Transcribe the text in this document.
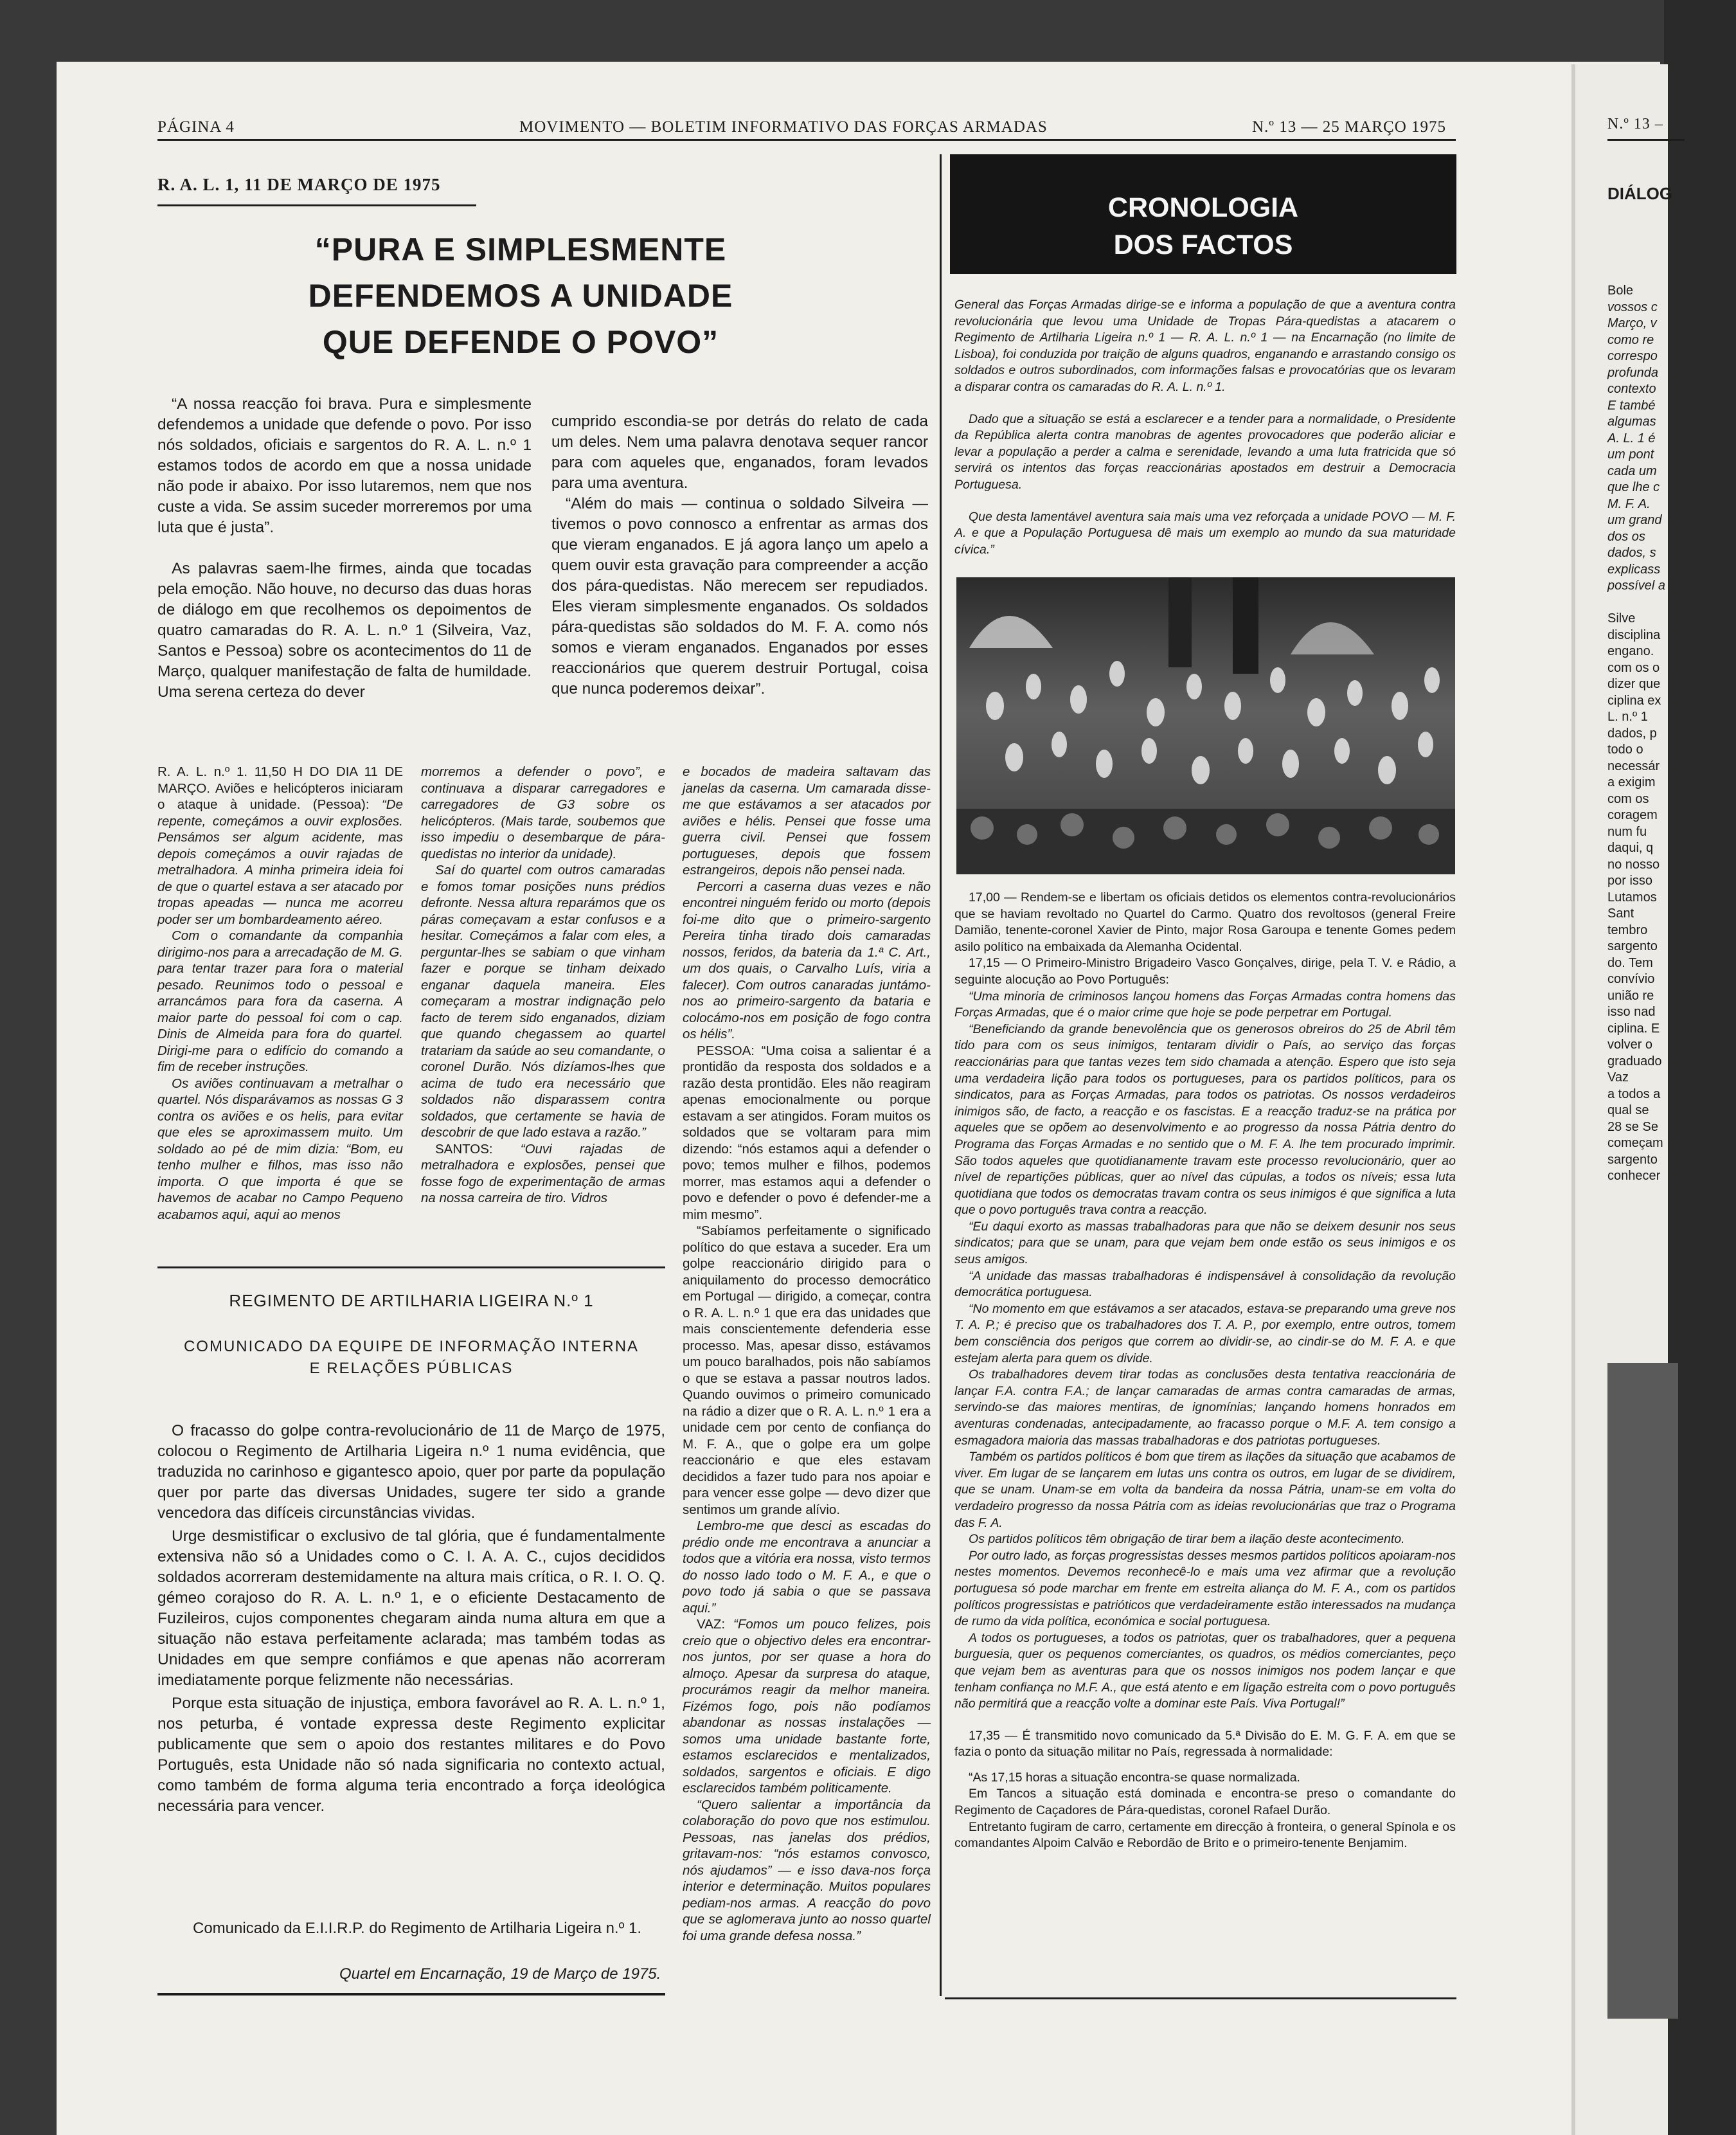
N.º 13 –
DIÁLOG
Bole
vossos c
Março, v
como re
correspo
profunda
contexto
E també
algumas
A. L. 1 é
um pont
cada um
que lhe c
M. F. A.
um grand
dos os
dados, s
explicass
possível a
Silve
disciplina
engano.
com os o
dizer que
ciplina ex
L. n.º 1
dados, p
todo o
necessár
a exigim
com os
coragem
num fu
daqui, q
no nosso
por isso
Lutamos
Sant
tembro
sargento
do. Tem
convívio
união re
isso nad
ciplina. E
volver o
graduado
Vaz
a todos a
qual se
28 se Se
começam
sargento
conhecer
PÁGINA 4	MOVIMENTO — BOLETIM INFORMATIVO DAS FORÇAS ARMADAS	N.º 13 — 25 MARÇO 1975
R. A. L. 1, 11 DE MARÇO DE 1975
“PURA E SIMPLESMENTE
DEFENDEMOS A UNIDADE
QUE DEFENDE O POVO”

“A nossa reacção foi brava. Pura e simplesmente defendemos a unidade que defende o povo. Por isso nós soldados, oficiais e sargentos do R. A. L. n.º 1 estamos todos de acordo em que a nossa unidade não pode ir abaixo. Por isso lutaremos, nem que nos custe a vida. Se assim suceder morreremos por uma luta que é justa”.

As palavras saem-lhe firmes, ainda que tocadas pela emoção. Não houve, no decurso das duas horas de diálogo em que recolhemos os depoimentos de quatro camaradas do R. A. L. n.º 1 (Silveira, Vaz, Santos e Pessoa) sobre os acontecimentos do 11 de Março, qualquer manifestação de falta de humildade. Uma serena certeza do dever

cumprido escondia-se por detrás do relato de cada um deles. Nem uma palavra denotava sequer rancor para com aqueles que, enganados, foram levados para uma aventura.

“Além do mais — continua o soldado Silveira — tivemos o povo connosco a enfrentar as armas dos que vieram enganados. E já agora lanço um apelo a quem ouvir esta gravação para compreender a acção dos pára-quedistas. Não merecem ser repudiados. Eles vieram simplesmente enganados. Os soldados pára-quedistas são soldados do M. F. A. como nós somos e vieram enganados. Enganados por esses reaccionários que querem destruir Portugal, coisa que nunca poderemos deixar”.

R. A. L. n.º 1. 11,50 H DO DIA 11 DE MARÇO. Aviões e helicópteros iniciaram o ataque à unidade. (Pessoa): “De repente, começámos a ouvir explosões. Pensámos ser algum acidente, mas depois começámos a ouvir rajadas de metralhadora. A minha primeira ideia foi de que o quartel estava a ser atacado por tropas apeadas — nunca me acorreu poder ser um bombardeamento aéreo.

Com o comandante da companhia dirigimo-nos para a arrecadação de M. G. para tentar trazer para fora o material pesado. Reunimos todo o pessoal e arrancámos para fora da caserna. A maior parte do pessoal foi com o cap. Dinis de Almeida para fora do quartel. Dirigi-me para o edifício do comando a fim de receber instruções.

Os aviões continuavam a metralhar o quartel. Nós disparávamos as nossas G 3 contra os aviões e os helis, para evitar que eles se aproximassem muito. Um soldado ao pé de mim dizia: “Bom, eu tenho mulher e filhos, mas isso não importa. O que importa é que se havemos de acabar no Campo Pequeno acabamos aqui, aqui ao menos

morremos a defender o povo”, e continuava a disparar carregadores e carregadores de G3 sobre os helicópteros. (Mais tarde, soubemos que isso impediu o desembarque de pára-quedistas no interior da unidade).

Saí do quartel com outros camaradas e fomos tomar posições nuns prédios defronte. Nessa altura reparámos que os páras começavam a estar confusos e a hesitar. Começámos a falar com eles, a perguntar-lhes se sabiam o que vinham fazer e porque se tinham deixado enganar daquela maneira. Eles começaram a mostrar indignação pelo facto de terem sido enganados, diziam que quando chegassem ao quartel tratariam da saúde ao seu comandante, o coronel Durão. Nós dizíamos-lhes que acima de tudo era necessário que soldados não disparassem contra soldados, que certamente se havia de descobrir de que lado estava a razão.”

SANTOS: “Ouvi rajadas de metralhadora e explosões, pensei que fosse fogo de experimentação de armas na nossa carreira de tiro. Vidros

e bocados de madeira saltavam das janelas da caserna. Um camarada disse-me que estávamos a ser atacados por aviões e hélis. Pensei que fosse uma guerra civil. Pensei que fossem portugueses, depois que fossem estrangeiros, depois não pensei nada.

Percorri a caserna duas vezes e não encontrei ninguém ferido ou morto (depois foi-me dito que o primeiro-sargento Pereira tinha tirado dois camaradas nossos, feridos, da bateria da 1.ª C. Art., um dos quais, o Carvalho Luís, viria a falecer). Com outros canaradas juntámo-nos ao primeiro-sargento da bataria e colocámo-nos em posição de fogo contra os hélis”.

PESSOA: “Uma coisa a salientar é a prontidão da resposta dos soldados e a razão desta prontidão. Eles não reagiram apenas emocionalmente ou porque estavam a ser atingidos. Foram muitos os soldados que se voltaram para mim dizendo: “nós estamos aqui a defender o povo; temos mulher e filhos, podemos morrer, mas estamos aqui a defender o povo e defender o povo é defender-me a mim mesmo”.

“Sabíamos perfeitamente o significado político do que estava a suceder. Era um golpe reaccionário dirigido para o aniquilamento do processo democrático em Portugal — dirigido, a começar, contra o R. A. L. n.º 1 que era das unidades que mais conscientemente defenderia esse processo. Mas, apesar disso, estávamos um pouco baralhados, pois não sabíamos o que se estava a passar noutros lados. Quando ouvimos o primeiro comunicado na rádio a dizer que o R. A. L. n.º 1 era a unidade cem por cento de confiança do M. F. A., que o golpe era um golpe reaccionário e que eles estavam decididos a fazer tudo para nos apoiar e para vencer esse golpe — devo dizer que sentimos um grande alívio.

Lembro-me que desci as escadas do prédio onde me encontrava a anunciar a todos que a vitória era nossa, visto termos do nosso lado todo o M. F. A., e que o povo todo já sabia o que se passava aqui.”

VAZ: “Fomos um pouco felizes, pois creio que o objectivo deles era encontrar-nos juntos, por ser quase a hora do almoço. Apesar da surpresa do ataque, procurámos reagir da melhor maneira. Fizémos fogo, pois não podíamos abandonar as nossas instalações — somos uma unidade bastante forte, estamos esclarecidos e mentalizados, soldados, sargentos e oficiais. E digo esclarecidos também politicamente.

“Quero salientar a importância da colaboração do povo que nos estimulou. Pessoas, nas janelas dos prédios, gritavam-nos: “nós estamos convosco, nós ajudamos” — e isso dava-nos força interior e determinação. Muitos populares pediam-nos armas. A reacção do povo que se aglomerava junto ao nosso quartel foi uma grande defesa nossa.”

REGIMENTO DE ARTILHARIA LIGEIRA N.º 1
COMUNICADO DA EQUIPE DE INFORMAÇÃO INTERNA
E RELAÇÕES PÚBLICAS

O fracasso do golpe contra-revolucionário de 11 de Março de 1975, colocou o Regimento de Artilharia Ligeira n.º 1 numa evidência, que traduzida no carinhoso e gigantesco apoio, quer por parte da população quer por parte das diversas Unidades, sugere ter sido a grande vencedora das difíceis circunstâncias vividas.

Urge desmistificar o exclusivo de tal glória, que é fundamentalmente extensiva não só a Unidades como o C. I. A. A. C., cujos decididos soldados acorreram destemidamente na altura mais crítica, o R. I. O. Q. gémeo corajoso do R. A. L. n.º 1, e o eficiente Destacamento de Fuzileiros, cujos componentes chegaram ainda numa altura em que a situação não estava perfeitamente aclarada; mas também todas as Unidades em que sempre confiámos e que apenas não acorreram imediatamente porque felizmente não necessárias.

Porque esta situação de injustiça, embora favorável ao R. A. L. n.º 1, nos peturba, é vontade expressa deste Regimento explicitar publicamente que sem o apoio dos restantes militares e do Povo Português, esta Unidade não só nada significaria no contexto actual, como também de forma alguma teria encontrado a força ideológica necessária para vencer.

Comunicado da E.I.I.R.P. do Regimento de Artilharia Ligeira n.º 1.
Quartel em Encarnação, 19 de Março de 1975.
CRONOLOGIA
DOS FACTOS

General das Forças Armadas dirige-se e informa a população de que a aventura contra revolucionária que levou uma Unidade de Tropas Pára-quedistas a atacarem o Regimento de Artilharia Ligeira n.º 1 — R. A. L. n.º 1 — na Encarnação (no limite de Lisboa), foi conduzida por traição de alguns quadros, enganando e arrastando consigo os soldados e outros subordinados, com informações falsas e provocatórias que os levaram a disparar contra os camaradas do R. A. L. n.º 1.

Dado que a situação se está a esclarecer e a tender para a normalidade, o Presidente da República alerta contra manobras de agentes provocadores que poderão aliciar e levar a população a perder a calma e serenidade, levando a uma luta fratricida que só servirá os intentos das forças reaccionárias apostados em destruir a Democracia Portuguesa.

Que desta lamentável aventura saia mais uma vez reforçada a unidade POVO — M. F. A. e que a População Portuguesa dê mais um exemplo ao mundo da sua maturidade cívica.”

17,00 — Rendem-se e libertam os oficiais detidos os elementos contra-revolucionários que se haviam revoltado no Quartel do Carmo. Quatro dos revoltosos (general Freire Damião, tenente-coronel Xavier de Pinto, major Rosa Garoupa e tenente Gomes pedem asilo político na embaixada da Alemanha Ocidental.

17,15 — O Primeiro-Ministro Brigadeiro Vasco Gonçalves, dirige, pela T. V. e Rádio, a seguinte alocução ao Povo Português:

“Uma minoria de criminosos lançou homens das Forças Armadas contra homens das Forças Armadas, que é o maior crime que hoje se pode perpetrar em Portugal.

“Beneficiando da grande benevolência que os generosos obreiros do 25 de Abril têm tido para com os seus inimigos, tentaram dividir o País, ao serviço das forças reaccionárias para que tantas vezes tem sido chamada a atenção. Espero que isto seja uma verdadeira lição para todos os portugueses, para os partidos políticos, para os sindicatos, para as Forças Armadas, para todos os patriotas. Os nossos verdadeiros inimigos são, de facto, a reacção e os fascistas. E a reacção traduz-se na prática por aqueles que se opõem ao desenvolvimento e ao progresso da nossa Pátria dentro do Programa das Forças Armadas e no sentido que o M. F. A. lhe tem procurado imprimir. São todos aqueles que quotidianamente travam este processo revolucionário, quer ao nível de repartições públicas, quer ao nível das cúpulas, a todos os níveis; essa luta quotidiana que todos os democratas travam contra os seus inimigos é que significa a luta que o povo português trava contra a reacção.

“Eu daqui exorto as massas trabalhadoras para que não se deixem desunir nos seus sindicatos; para que se unam, para que vejam bem onde estão os seus inimigos e os seus amigos.

“A unidade das massas trabalhadoras é indispensável à consolidação da revolução democrática portuguesa.

“No momento em que estávamos a ser atacados, estava-se preparando uma greve nos T. A. P.; é preciso que os trabalhadores dos T. A. P., por exemplo, entre outros, tomem bem consciência dos perigos que correm ao dividir-se, ao cindir-se do M. F. A. e que estejam alerta para quem os divide.

Os trabalhadores devem tirar todas as conclusões desta tentativa reaccionária de lançar F.A. contra F.A.; de lançar camaradas de armas contra camaradas de armas, servindo-se das maiores mentiras, de ignomínias; lançando homens honrados em aventuras condenadas, antecipadamente, ao fracasso porque o M.F. A. tem consigo a esmagadora maioria das massas trabalhadoras e dos patriotas portugueses.

Também os partidos políticos é bom que tirem as ilações da situação que acabamos de viver. Em lugar de se lançarem em lutas uns contra os outros, em lugar de se dividirem, que se unam. Unam-se em volta da bandeira da nossa Pátria, unam-se em volta do verdadeiro progresso da nossa Pátria com as ideias revolucionárias que traz o Programa das F. A.

Os partidos políticos têm obrigação de tirar bem a ilação deste acontecimento.

Por outro lado, as forças progressistas desses mesmos partidos políticos apoiaram-nos nestes momentos. Devemos reconhecê-lo e mais uma vez afirmar que a revolução portuguesa só pode marchar em frente em estreita aliança do M. F. A., com os partidos políticos progressistas e patrióticos que verdadeiramente estão interessados na mudança de rumo da vida política, económica e social portuguesa.

A todos os portugueses, a todos os patriotas, quer os trabalhadores, quer a pequena burguesia, quer os pequenos comerciantes, os quadros, os médios comerciantes, peço que vejam bem as aventuras para que os nossos inimigos nos podem lançar e que tenham confiança no M.F. A., que está atento e em ligação estreita com o povo português não permitirá que a reacção volte a dominar este País. Viva Portugal!”

17,35 — É transmitido novo comunicado da 5.ª Divisão do E. M. G. F. A. em que se fazia o ponto da situação militar no País, regressada à normalidade:

“As 17,15 horas a situação encontra-se quase normalizada.

Em Tancos a situação está dominada e encontra-se preso o comandante do Regimento de Caçadores de Pára-quedistas, coronel Rafael Durão.

Entretanto fugiram de carro, certamente em direcção à fronteira, o general Spínola e os comandantes Alpoim Calvão e Rebordão de Brito e o primeiro-tenente Benjamim.
